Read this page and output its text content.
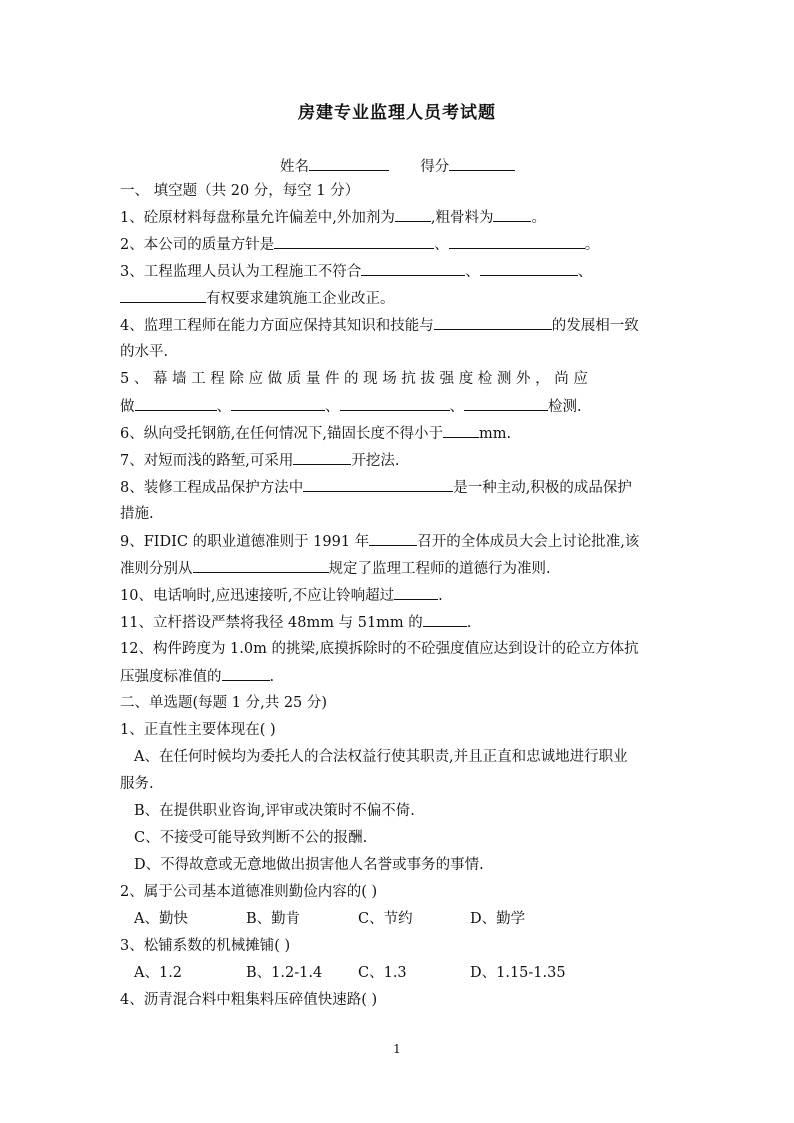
房建专业监理人员考试题
姓名	得分
一、 填空题（共 20 分，每空 1 分）
1、砼原材料每盘称量允许偏差中,外加剂为 ,粗骨料为	。
2、本公司的质量方针是	、	。
3、工程监理人员认为工程施工不符合	、	、
有权要求建筑施工企业改正。
4、监理工程师在能力方面应保持其知识和技能与	的发展相一致
的水平.
5 、 幕 墙 工 程 除 应 做 质 量 件 的 现 场 抗 拔 强 度 检 测 外 ， 尚 应
做	、	、	、	检测.
6、纵向受托钢筋,在任何情况下,锚固长度不得小于 mm.
7、对短而浅的路堑,可采用	开挖法.
8、装修工程成品保护方法中	是一种主动,积极的成品保护
措施.
9、FIDIC 的职业道德准则于 1991 年	召开的全体成员大会上讨论批准,该
准则分别从	规定了监理工程师的道德行为准则.
10、电话响时,应迅速接听,不应让铃响超过	.
11、立杆搭设严禁将我径 48mm 与 51mm 的	.
12、构件跨度为 1.0m 的挑梁,底摸拆除时的不砼强度值应达到设计的砼立方体抗
压强度标准值的	.
二、单选题(每题 1 分,共 25 分)
1、正直性主要体现在( )
A、在任何时候均为委托人的合法权益行使其职责,并且正直和忠诚地进行职业
服务.
B、在提供职业咨询,评审或决策时不偏不倚.
C、不接受可能导致判断不公的报酬.
D、不得故意或无意地做出损害他人名誉或事务的事情.
2、属于公司基本道德准则勤俭内容的( )
A、勤快	B、勤肯	C、节约	D、勤学
3、松铺系数的机械摊铺( )
A、1.2	B、1.2-1.4 C、1.3	D、1.15-1.35
4、沥青混合料中粗集料压碎值快速路( )
1
